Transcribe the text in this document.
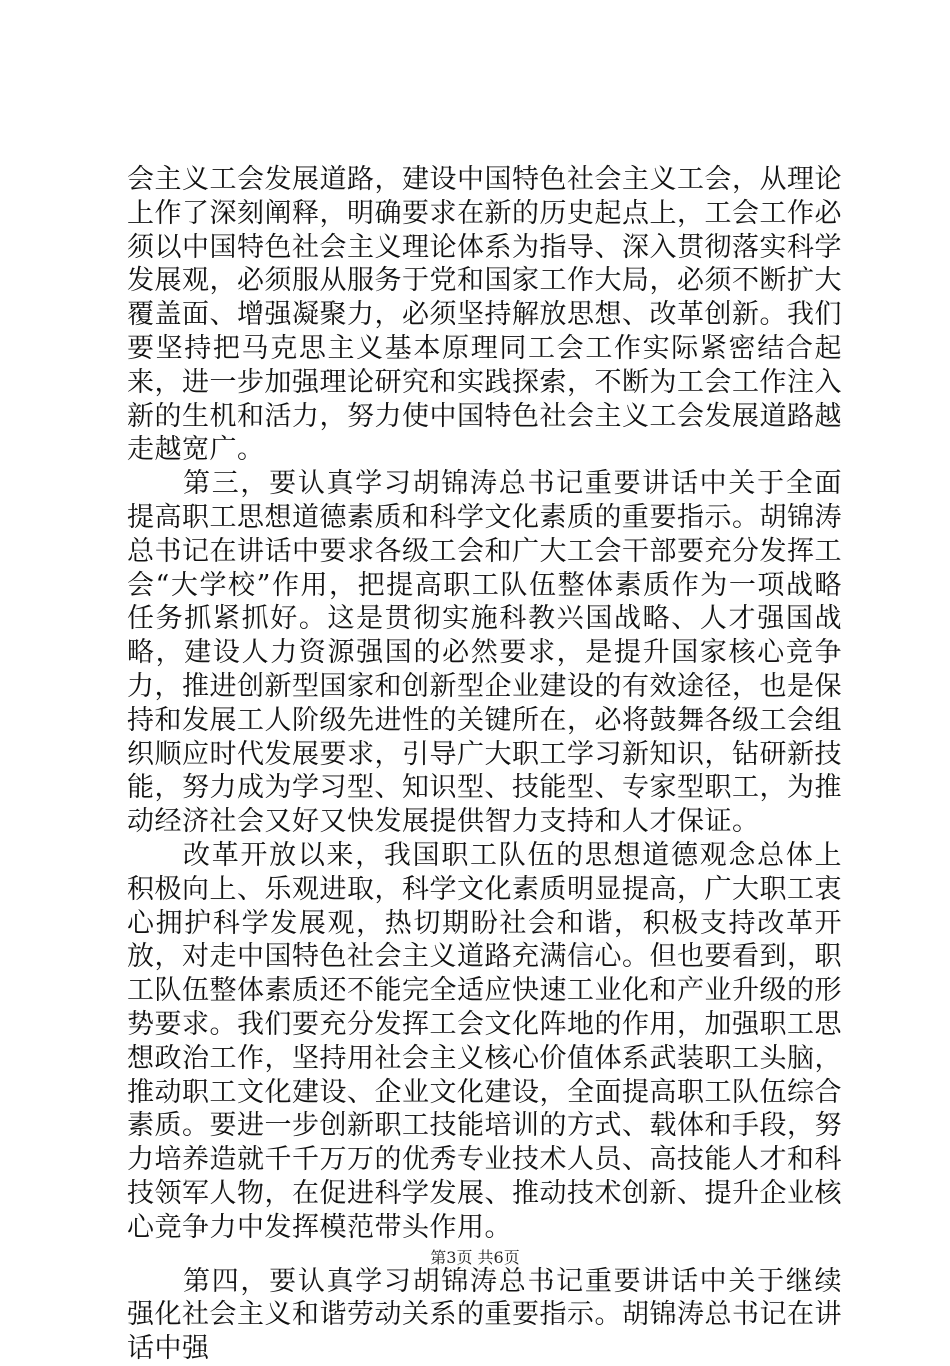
会主义工会发展道路，建设中国特色社会主义工会，从理论上作了深刻阐释，明确要求在新的历史起点上，工会工作必须以中国特色社会主义理论体系为指导、深入贯彻落实科学发展观，必须服从服务于党和国家工作大局，必须不断扩大覆盖面、增强凝聚力，必须坚持解放思想、改革创新。我们要坚持把马克思主义基本原理同工会工作实际紧密结合起来，进一步加强理论研究和实践探索，不断为工会工作注入新的生机和活力，努力使中国特色社会主义工会发展道路越走越宽广。

第三，要认真学习胡锦涛总书记重要讲话中关于全面提高职工思想道德素质和科学文化素质的重要指示。胡锦涛总书记在讲话中要求各级工会和广大工会干部要充分发挥工会“大学校”作用，把提高职工队伍整体素质作为一项战略任务抓紧抓好。这是贯彻实施科教兴国战略、人才强国战略，建设人力资源强国的必然要求，是提升国家核心竞争力，推进创新型国家和创新型企业建设的有效途径，也是保持和发展工人阶级先进性的关键所在，必将鼓舞各级工会组织顺应时代发展要求，引导广大职工学习新知识，钻研新技能，努力成为学习型、知识型、技能型、专家型职工，为推动经济社会又好又快发展提供智力支持和人才保证。

改革开放以来，我国职工队伍的思想道德观念总体上积极向上、乐观进取，科学文化素质明显提高，广大职工衷心拥护科学发展观，热切期盼社会和谐，积极支持改革开放，对走中国特色社会主义道路充满信心。但也要看到，职工队伍整体素质还不能完全适应快速工业化和产业升级的形势要求。我们要充分发挥工会文化阵地的作用，加强职工思想政治工作，坚持用社会主义核心价值体系武装职工头脑，推动职工文化建设、企业文化建设，全面提高职工队伍综合素质。要进一步创新职工技能培训的方式、载体和手段，努力培养造就千千万万的优秀专业技术人员、高技能人才和科技领军人物，在促进科学发展、推动技术创新、提升企业核心竞争力中发挥模范带头作用。

第四，要认真学习胡锦涛总书记重要讲话中关于继续强化社会主义和谐劳动关系的重要指示。胡锦涛总书记在讲话中强

第3页 共6页
